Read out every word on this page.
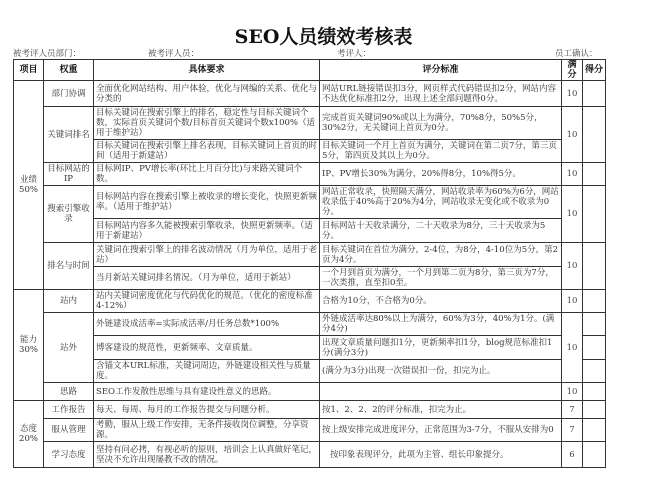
SEO人员绩效考核表
被考评人员部门：	被考评人员：	考评人：	员工确认：
项目	权重	具体要求	评分标准	满分	得分
业绩50%	部门协调	全面优化网站结构、用户体验，优化与网编的关系、优化与分类的	网站URL链接错误扣3分，网页样式代码错误扣2分，网站内容不达优化标准扣2分，出现上述全部问题得0分。	10	
	关键词排名	目标关键词在搜索引擎上的排名，稳定性与目标关键词个数，实际首页关键词个数/目标首页关键词个数x100%（适用于维护站）	完成首页关键词90%或以上为满分，70%8分，50%5分，30%2分，无关键词上首页为0分。	10	
		目标关键词在搜索引擎上排名表现，目标关键词上首页的时间（适用于新建站）	目标关键词一个月上首页为满分，关键词在第二页7分，第三页5分，第四页及其以上为0分。		
	目标网站的IP	目标网IP、PV增长率(环比上月百分比)与来路关键词个数。	IP、PV增长30%为满分，20%得8分，10%得5分。	10	
	搜索引擎收录	目标网站内容在搜索引擎上被收录的增长变化，快照更新频率。（适用于维护站）	网站正常收录，快照隔天满分，网站收录率为60%为6分，网站收录低于40%高于20%为4分，网站收录无变化或不收录为0分。	10	
		目标网站内容多久能被搜索引擎收录，快照更新频率。（适用于新建站）	目标网站十天收录满分，二十天收录为8分，三十天收录为5分。		
	排名与时间	关键词在搜索引擎上的排名波动情况（月为单位，适用于老站）	目标关键词在首位为满分，2-4位，为8分，4-10位为5分，第2页为4分。	10	
		当月新站关键词排名情况。（月为单位，适用于新站）	一个月到首页为满分，一个月到第二页为8分，第三页为7分，一次类推，直至扣0至。		

能力30%	站内	站内关键词密度优化与代码优化的规范。（优化的密度标准4-12%）	合格为10分，不合格为0分。	10	
	站外	外链建设成活率=实际成活率/月任务总数*100%	外链成活率达80%以上为满分，60%为3分，40%为1分。(满分4分)	10	
		博客建设的规范性，更新频率、文章质量。	出现文章质量问题扣1分，更新频率扣1分，blog规范标准扣1分(满分3分)		
		含锚文本URL标准，关键词周边，外链建设相关性与质量度。	(满分为3分)出现一次错误扣一份，扣完为止。		
	思路	SEO工作发散性思维与具有建设性意义的思路。		10	
态度20%	工作报告	每天、每周、每月的工作报告提交与问题分析。	按1、2、2、2的评分标准，扣完为止。	7	
	服从管理	考勤，服从上级工作安排，无条件接收岗位调整，分享资源。	按上级安排完成进度评分，正常范围为3-7分，不服从安排为0	7	
	学习态度	坚持有问必拷，有视必听的原则，培训会上认真做好笔记，坚决不允许出现屡教不改的情况。	按印象表现评分，此项为主管、组长印象提分。	6	
